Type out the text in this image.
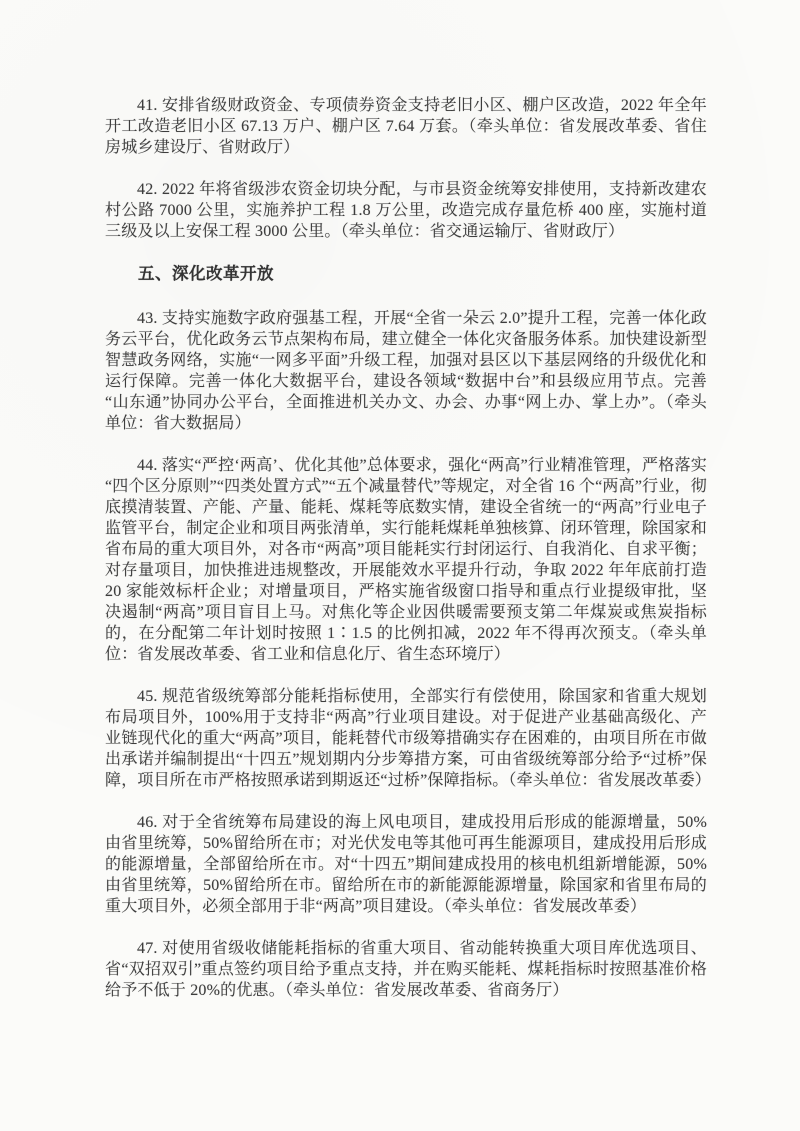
41. 安排省级财政资金、专项债券资金支持老旧小区、棚户区改造，2022 年全年开工改造老旧小区 67.13 万户、棚户区 7.64 万套。（牵头单位：省发展改革委、省住房城乡建设厅、省财政厅）

42. 2022 年将省级涉农资金切块分配，与市县资金统筹安排使用，支持新改建农村公路 7000 公里，实施养护工程 1.8 万公里，改造完成存量危桥 400 座，实施村道三级及以上安保工程 3000 公里。（牵头单位：省交通运输厅、省财政厅）

五、深化改革开放

43. 支持实施数字政府强基工程，开展“全省一朵云 2.0”提升工程，完善一体化政务云平台，优化政务云节点架构布局，建立健全一体化灾备服务体系。加快建设新型智慧政务网络，实施“一网多平面”升级工程，加强对县区以下基层网络的升级优化和运行保障。完善一体化大数据平台，建设各领域“数据中台”和县级应用节点。完善“山东通”协同办公平台，全面推进机关办文、办会、办事“网上办、掌上办”。（牵头单位：省大数据局）

44. 落实“严控‘两高’、优化其他”总体要求，强化“两高”行业精准管理，严格落实“四个区分原则”“四类处置方式”“五个减量替代”等规定，对全省 16 个“两高”行业，彻底摸清装置、产能、产量、能耗、煤耗等底数实情，建设全省统一的“两高”行业电子监管平台，制定企业和项目两张清单，实行能耗煤耗单独核算、闭环管理，除国家和省布局的重大项目外，对各市“两高”项目能耗实行封闭运行、自我消化、自求平衡；对存量项目，加快推进违规整改，开展能效水平提升行动，争取 2022 年年底前打造 20 家能效标杆企业；对增量项目，严格实施省级窗口指导和重点行业提级审批，坚决遏制“两高”项目盲目上马。对焦化等企业因供暖需要预支第二年煤炭或焦炭指标的，在分配第二年计划时按照 1∶1.5 的比例扣减，2022 年不得再次预支。（牵头单位：省发展改革委、省工业和信息化厅、省生态环境厅）

45. 规范省级统筹部分能耗指标使用，全部实行有偿使用，除国家和省重大规划布局项目外，100%用于支持非“两高”行业项目建设。对于促进产业基础高级化、产业链现代化的重大“两高”项目，能耗替代市级筹措确实存在困难的，由项目所在市做出承诺并编制提出“十四五”规划期内分步筹措方案，可由省级统筹部分给予“过桥”保障，项目所在市严格按照承诺到期返还“过桥”保障指标。（牵头单位：省发展改革委）

46. 对于全省统筹布局建设的海上风电项目，建成投用后形成的能源增量，50%由省里统筹，50%留给所在市；对光伏发电等其他可再生能源项目，建成投用后形成的能源增量，全部留给所在市。对“十四五”期间建成投用的核电机组新增能源，50%由省里统筹，50%留给所在市。留给所在市的新能源能源增量，除国家和省里布局的重大项目外，必须全部用于非“两高”项目建设。（牵头单位：省发展改革委）

47. 对使用省级收储能耗指标的省重大项目、省动能转换重大项目库优选项目、省“双招双引”重点签约项目给予重点支持，并在购买能耗、煤耗指标时按照基准价格给予不低于 20%的优惠。（牵头单位：省发展改革委、省商务厅）
